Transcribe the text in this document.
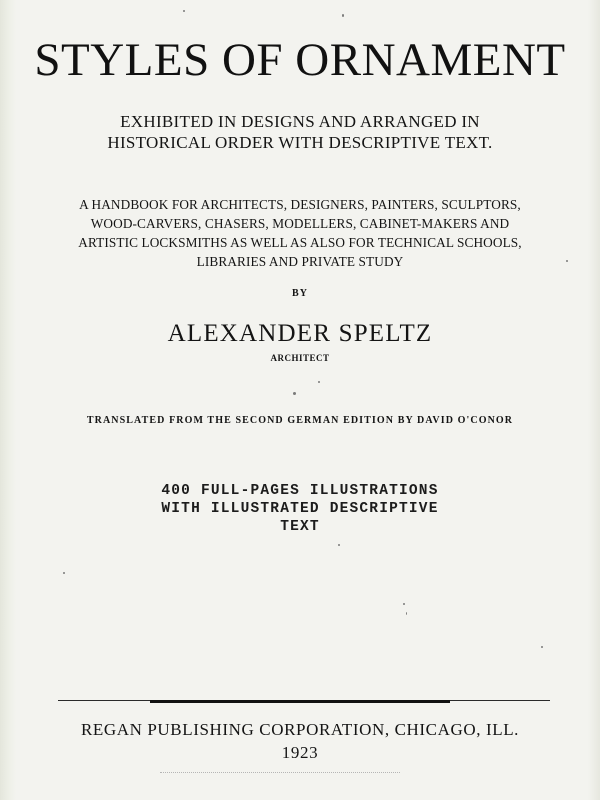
STYLES OF ORNAMENT
EXHIBITED IN DESIGNS AND ARRANGED IN
HISTORICAL ORDER WITH DESCRIPTIVE TEXT.
A HANDBOOK FOR ARCHITECTS, DESIGNERS, PAINTERS, SCULPTORS,
WOOD-CARVERS, CHASERS, MODELLERS, CABINET-MAKERS AND
ARTISTIC LOCKSMITHS AS WELL AS ALSO FOR TECHNICAL SCHOOLS,
LIBRARIES AND PRIVATE STUDY
BY
ALEXANDER SPELTZ
ARCHITECT
TRANSLATED FROM THE SECOND GERMAN EDITION BY DAVID O'CONOR
400 FULL-PAGES ILLUSTRATIONS
WITH ILLUSTRATED DESCRIPTIVE
TEXT
REGAN PUBLISHING CORPORATION, CHICAGO, ILL.
1923
